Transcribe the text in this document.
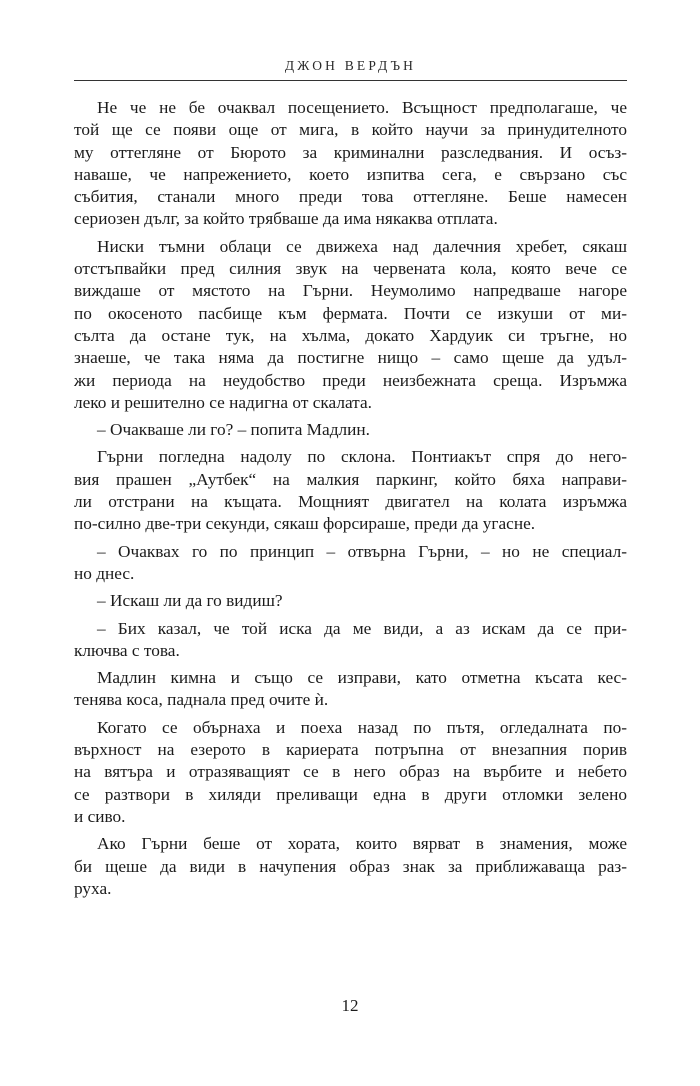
ДЖОН ВЕРДЪН
Не че не бе очаквал посещението. Всъщност предполагаше, че
той ще се появи още от мига, в който научи за принудителното
му оттегляне от Бюрото за криминални разследвания. И осъз-
наваше, че напрежението, което изпитва сега, е свързано със
събития, станали много преди това оттегляне. Беше намесен
сериозен дълг, за който трябваше да има някаква отплата.
Ниски тъмни облаци се движеха над далечния хребет, сякаш
отстъпвайки пред силния звук на червената кола, която вече се
виждаше от мястото на Гърни. Неумолимо напредваше нагоре
по окосеното пасбище към фермата. Почти се изкуши от ми-
сълта да остане тук, на хълма, докато Хардуик си тръгне, но
знаеше, че така няма да постигне нищо – само щеше да удъл-
жи периода на неудобство преди неизбежната среща. Изръмжа
леко и решително се надигна от скалата.
– Очакваше ли го? – попита Мадлин.
Гърни погледна надолу по склона. Понтиакът спря до него-
вия прашен „Аутбек“ на малкия паркинг, който бяха направи-
ли отстрани на къщата. Мощният двигател на колата изръмжа
по-силно две-три секунди, сякаш форсираше, преди да угасне.
– Очаквах го по принцип – отвърна Гърни, – но не специал-
но днес.
– Искаш ли да го видиш?
– Бих казал, че той иска да ме види, а аз искам да се при-
ключва с това.
Мадлин кимна и също се изправи, като отметна късата кес-
тенява коса, паднала пред очите ѝ.
Когато се обърнаха и поеха назад по пътя, огледалната по-
върхност на езерото в кариерата потръпна от внезапния порив
на вятъра и отразяващият се в него образ на върбите и небето
се разтвори в хиляди преливащи една в други отломки зелено
и сиво.
Ако Гърни беше от хората, които вярват в знамения, може
би щеше да види в начупения образ знак за приближаваща раз-
руха.
12
